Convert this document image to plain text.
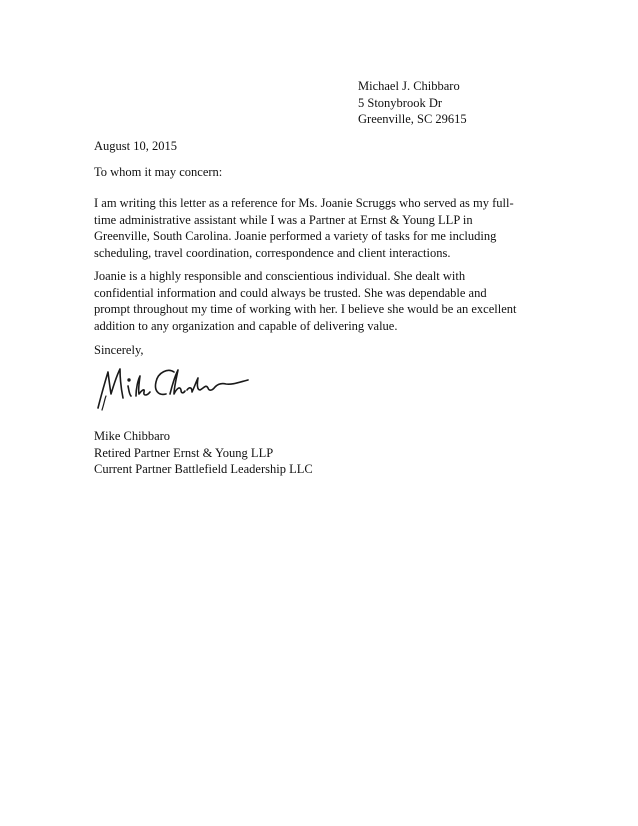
Michael J. Chibbaro
5 Stonybrook Dr
Greenville, SC 29615
August 10, 2015
To whom it may concern:
I am writing this letter as a reference for Ms. Joanie Scruggs who served as my full-
time administrative assistant while I was a Partner at Ernst & Young LLP in
Greenville, South Carolina. Joanie performed a variety of tasks for me including
scheduling, travel coordination, correspondence and client interactions.
Joanie is a highly responsible and conscientious individual. She dealt with
confidential information and could always be trusted. She was dependable and
prompt throughout my time of working with her. I believe she would be an excellent
addition to any organization and capable of delivering value.
Sincerely,
Mike Chibbaro
Retired Partner Ernst & Young LLP
Current Partner Battlefield Leadership LLC
